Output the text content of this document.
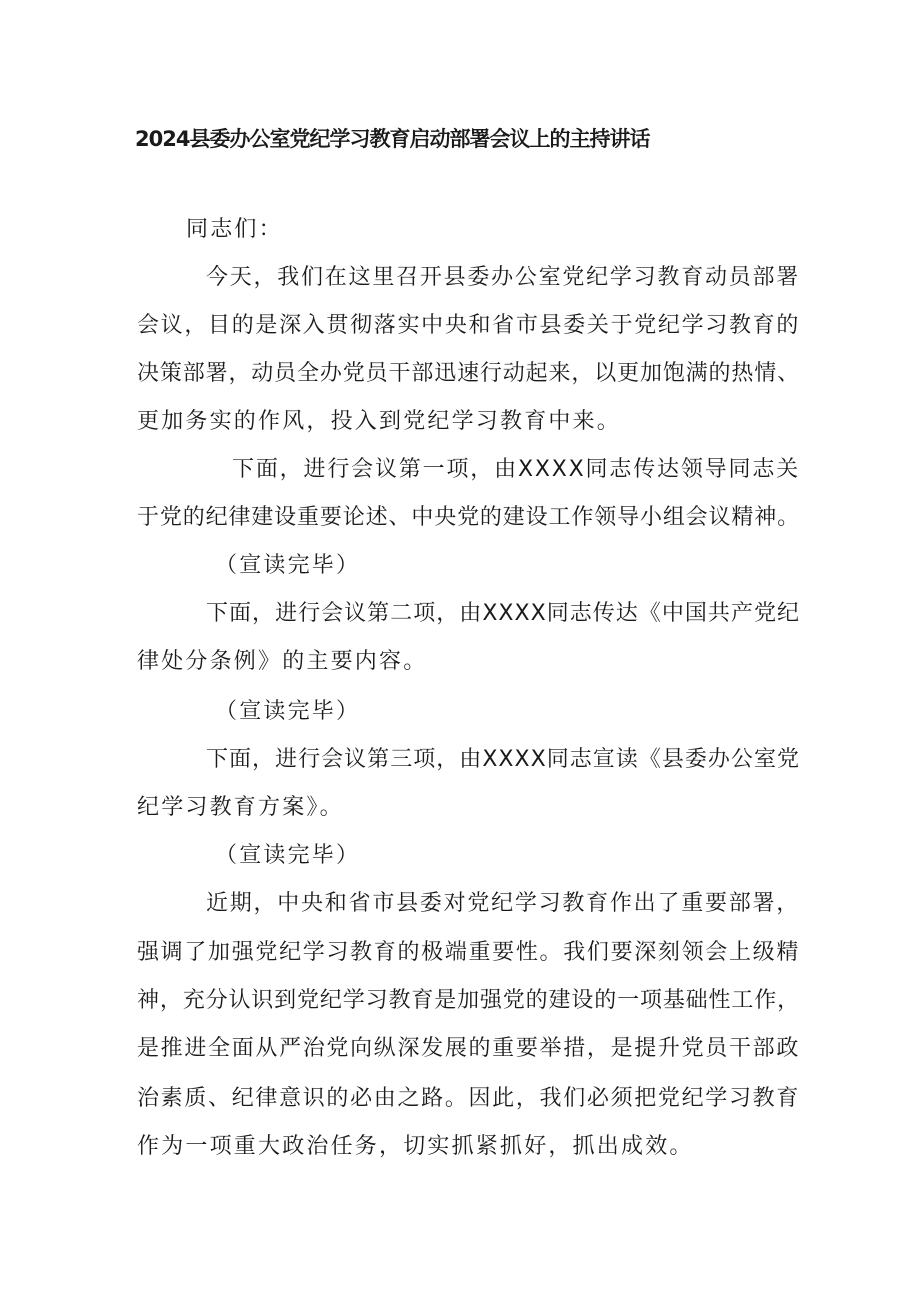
2024县委办公室党纪学习教育启动部署会议上的主持讲话

同志们：

今天，我们在这里召开县委办公室党纪学习教育动员部署

会议，目的是深入贯彻落实中央和省市县委关于党纪学习教育的

决策部署，动员全办党员干部迅速行动起来，以更加饱满的热情、

更加务实的作风，投入到党纪学习教育中来。

下面，进行会议第一项，由XXXX同志传达领导同志关

于党的纪律建设重要论述、中央党的建设工作领导小组会议精神。

（宣读完毕）

下面，进行会议第二项，由XXXX同志传达《中国共产党纪

律处分条例》的主要内容。

（宣读完毕）

下面，进行会议第三项，由XXXX同志宣读《县委办公室党

纪学习教育方案》。

（宣读完毕）

近期，中央和省市县委对党纪学习教育作出了重要部署，

强调了加强党纪学习教育的极端重要性。我们要深刻领会上级精

神，充分认识到党纪学习教育是加强党的建设的一项基础性工作，

是推进全面从严治党向纵深发展的重要举措，是提升党员干部政

治素质、纪律意识的必由之路。因此，我们必须把党纪学习教育

作为一项重大政治任务，切实抓紧抓好，抓出成效。
